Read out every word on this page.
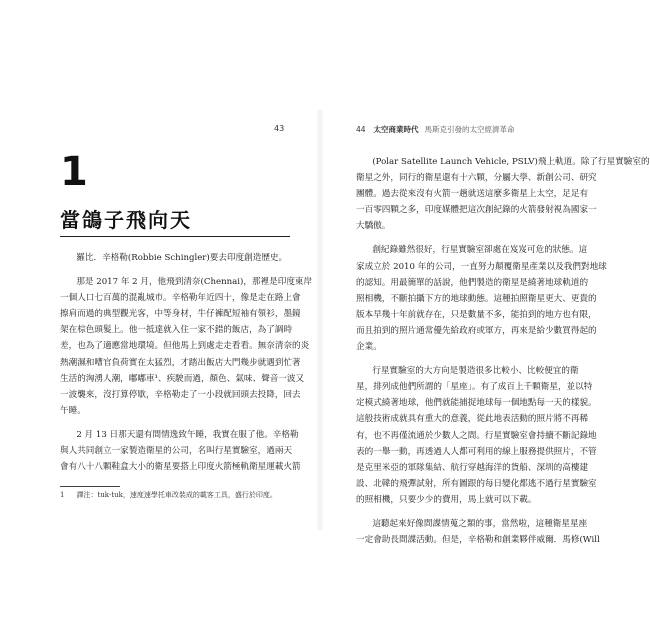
43
1
當鴿子飛向天
羅比．辛格勒(Robbie Schingler)要去印度創造歷史。
那是 2017 年 2 月，他飛到清奈(Chennai)，那裡是印度東岸
一個人口七百萬的混亂城市。辛格勒年近四十，像是走在路上會
擦肩而過的典型觀光客，中等身材，牛仔褲配短袖有領衫，墨鏡
架在棕色頭髮上。他一抵達就入住一家不錯的飯店，為了調時
差，也為了適應當地環境。但他馬上到處走走看看。無奈清奈的炎
熱潮濕和嘈官負荷實在太猛烈，才踏出飯店大門幾步就遇到忙著
生活的洶湧人潮，嘟嘟車¹、疾駛而過，顏色、氣味、聲音一波又
一波襲來，沒打算停歇，辛格勒走了一小段就回頭去投降，回去
午睡。
2 月 13 日那天還有間情逸致午睡，我實在服了他。辛格勒
與人共同創立一家製造衛星的公司，名叫行星實驗室，過兩天
會有八十八顆鞋盒大小的衛星要搭上印度火箭極軌衛星運載火箭
1 譯注：tuk-tuk，速度速學托車改裝成的載客工具，盛行於印度。
44 太空商業時代 馬斯克引發的太空經濟革命
(Polar Satellite Launch Vehicle, PSLV)飛上軌道。除了行星實驗室的
衛星之外，同行的衛星還有十六顆，分屬大學、新創公司、研究
團體。過去從來沒有火箭一趟就送這麼多衛星上太空，足足有
一百零四顆之多，印度媒體把這次創紀錄的火箭發射視為國家一
大驕傲。
創紀錄雖然很好，行星實驗室卻處在岌岌可危的狀態。這
家成立於 2010 年的公司，一直努力顛覆衛星產業以及我們對地球
的認知。用最簡單的話說，他們製造的衛星是繞著地球軌道的
照相機，不斷拍攝下方的地球動態。這種拍照衛星更大、更貴的
版本早幾十年前就存在，只是數量不多，能拍到的地方也有限，
而且拍到的照片通常優先給政府或軍方，再來是給少數買得起的
企業。
行星實驗室的大方向是製造很多比較小、比較便宜的衛
星，排列成他們所謂的「星座」。有了成百上千顆衛星，並以特
定模式繞著地球，他們就能捕捉地球每一個地點每一天的樣貌。
這般技術成就具有重大的意義，從此地表活動的照片將不再稀
有，也不再僅流通於少數人之間。行星實驗室會持續不斷記錄地
表的一舉一動，再透過人人都可利用的線上服務提供照片，不管
是克里米亞的軍隊集結、航行穿越海洋的貨船、深圳的高樓建
設、北韓的飛彈試射，所有圖跟的每日變化都逃不過行星實驗室
的照相機，只要少少的費用，馬上就可以下載。
這聽起來好像間諜情蒐之類的事，當然啦，這種衛星星座
一定會助長間諜活動。但是，辛格勒和創業夥伴威爾．馬修(Will
